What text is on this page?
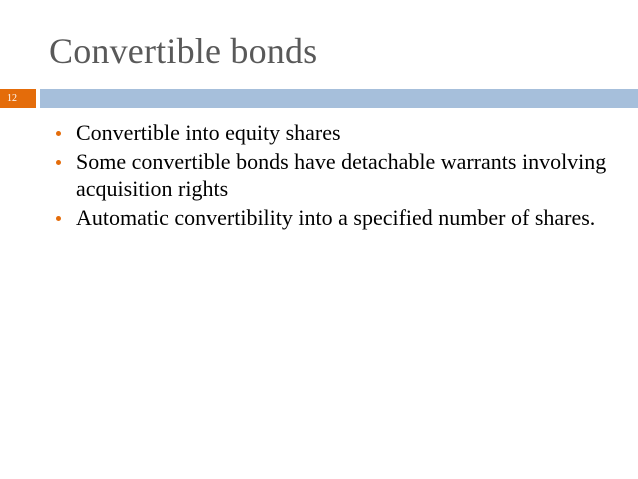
Convertible bonds
12
Convertible into equity shares
Some convertible bonds have detachable warrants involving acquisition rights
Automatic convertibility into a specified number of shares.
